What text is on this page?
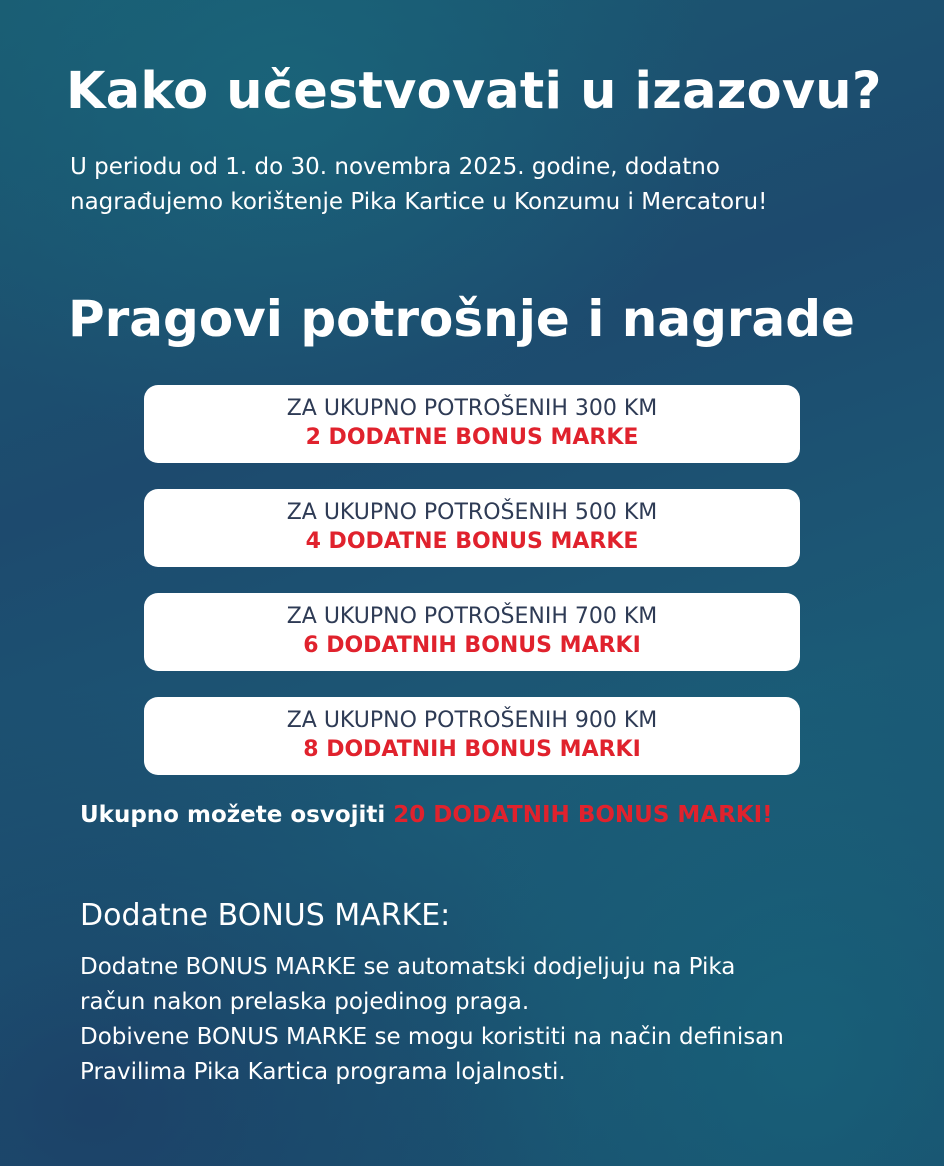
Kako učestvovati u izazovu?

U periodu od 1. do 30. novembra 2025. godine, dodatno
nagrađujemo korištenje Pika Kartice u Konzumu i Mercatoru!

Pragovi potrošnje i nagrade
ZA UKUPNO POTROŠENIH 300 KM
2 DODATNE BONUS MARKE
ZA UKUPNO POTROŠENIH 500 KM
4 DODATNE BONUS MARKE
ZA UKUPNO POTROŠENIH 700 KM
6 DODATNIH BONUS MARKI
ZA UKUPNO POTROŠENIH 900 KM
8 DODATNIH BONUS MARKI

Ukupno možete osvojiti 20 DODATNIH BONUS MARKI!

Dodatne BONUS MARKE:

Dodatne BONUS MARKE se automatski dodjeljuju na Pika
račun nakon prelaska pojedinog praga.
Dobivene BONUS MARKE se mogu koristiti na način definisan
Pravilima Pika Kartica programa lojalnosti.
